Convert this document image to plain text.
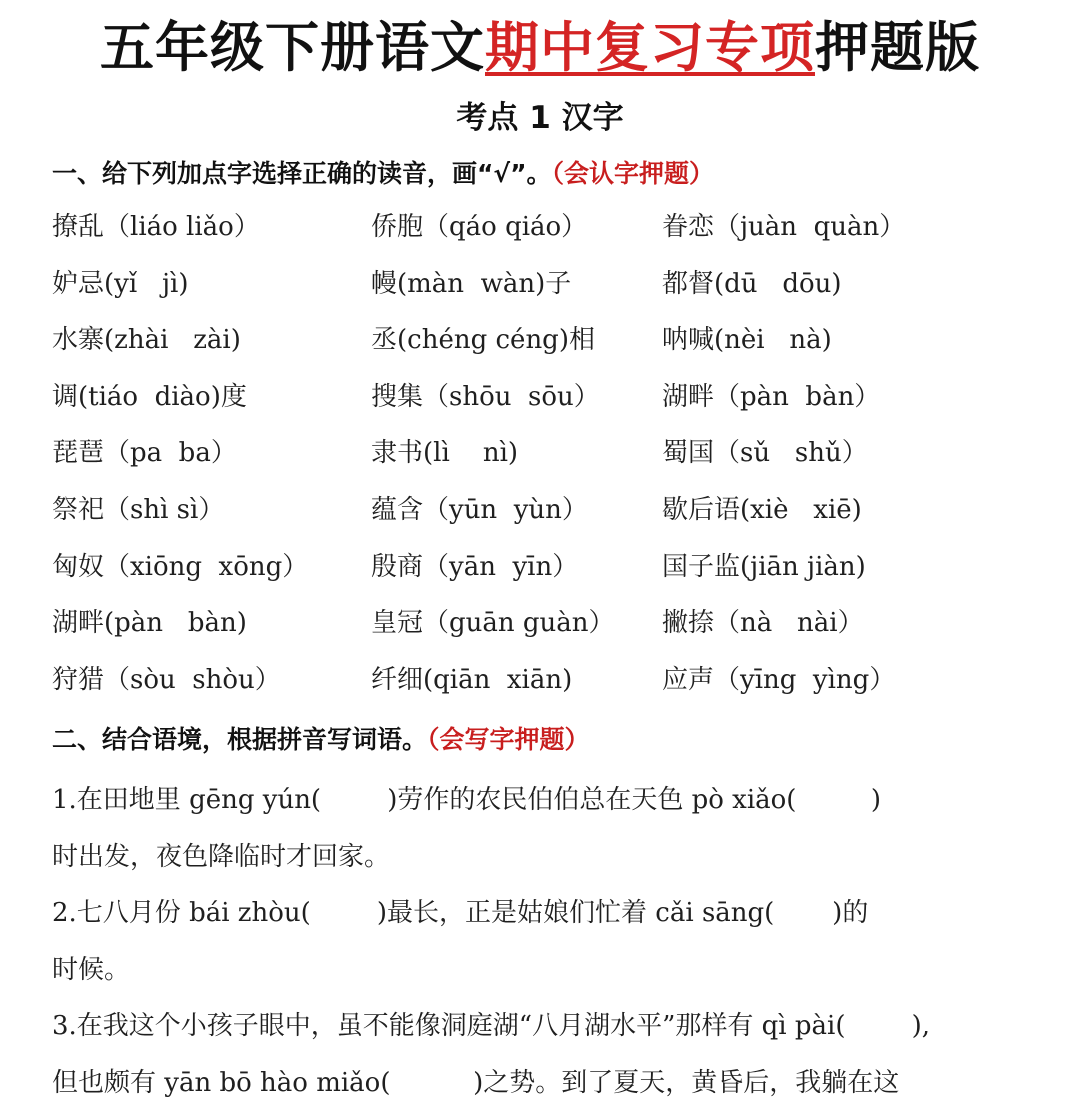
五年级下册语文期中复习专项押题版
考点 1 汉字
一、给下列加点字选择正确的读音，画“√”。（会认字押题）
撩乱（liáo liǎo）	侨胞（qáo qiáo）	眷恋（juàn  quàn）
妒忌(yǐ   jì)	幔(màn  wàn)子	都督(dū   dōu)
水寨(zhài   zài)	丞(chéng céng)相	呐喊(nèi   nà)
调(tiáo  diào)度	搜集（shōu  sōu） 湖畔（pàn  bàn）
琵琶（pa  ba）	隶书(lì    nì)	蜀国（sǔ   shǔ）
祭祀（shì sì）	蕴含（yūn  yùn）	歇后语(xiè   xiē)
匈奴（xiōng  xōng） 殷商（yān  yīn）	国子监(jiān jiàn)
湖畔(pàn   bàn)	皇冠（guān guàn） 撇捺（nà   nài）
狩猎（sòu  shòu）	纤细(qiān  xiān)	应声（yīng  yìng）
二、结合语境，根据拼音写词语。（会写字押题）
1.在田地里 gēng yún(        )劳作的农民伯伯总在天色 pò xiǎo(         )
时出发，夜色降临时才回家。
2.七八月份 bái zhòu(        )最长，正是姑娘们忙着 cǎi sāng(       )的
时候。
3.在我这个小孩子眼中，虽不能像洞庭湖“八月湖水平”那样有 qì pài(        ),
但也颇有 yān bō hào miǎo(          )之势。到了夏天，黄昏后，我躺在这
